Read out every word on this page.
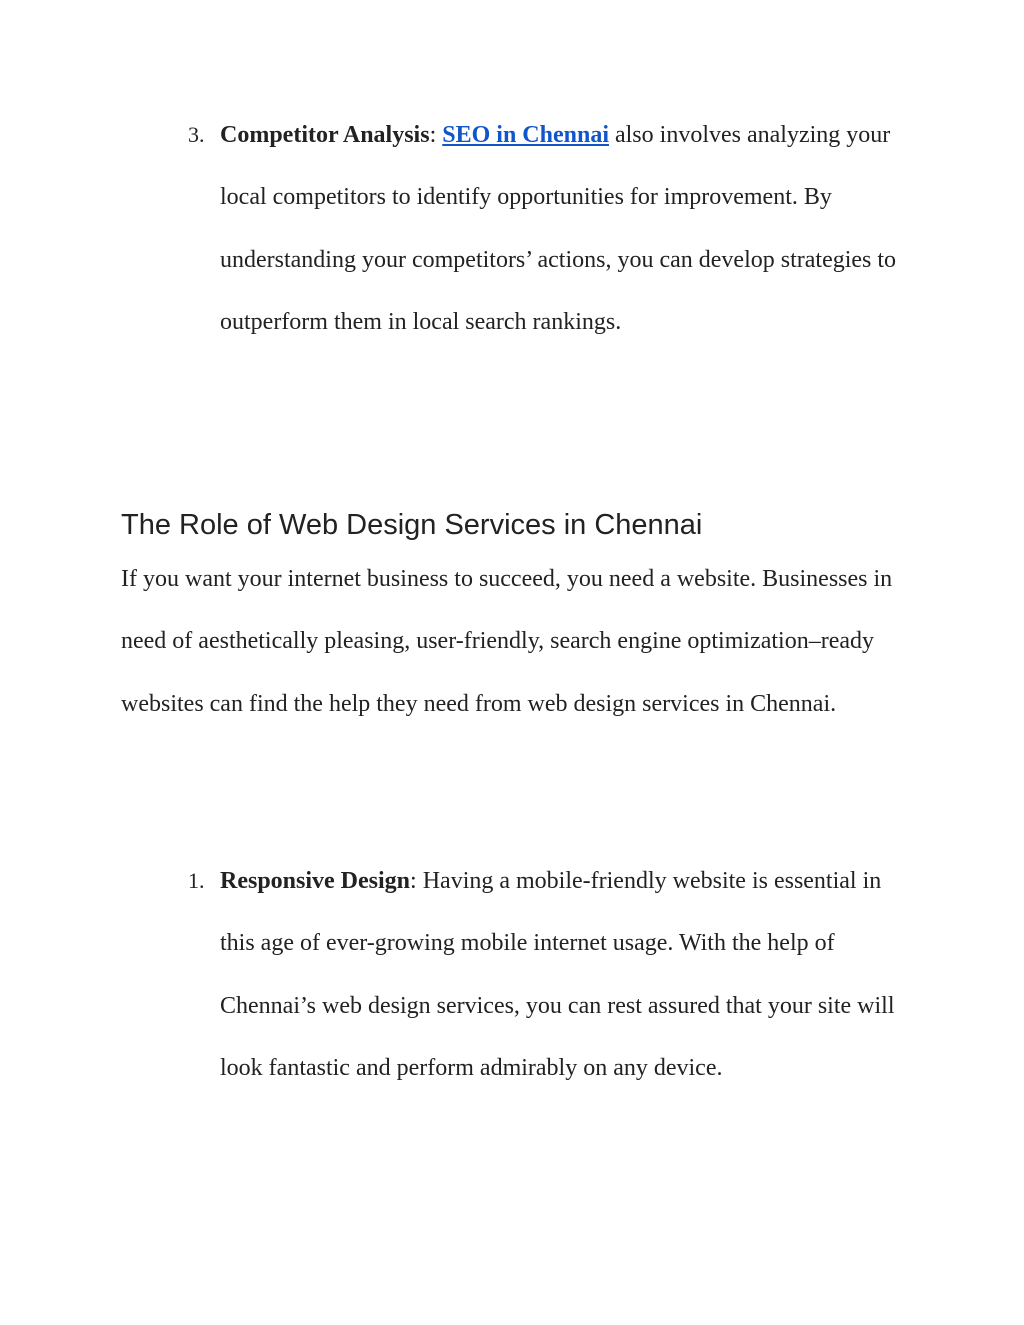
3. Competitor Analysis: SEO in Chennai also involves analyzing your local competitors to identify opportunities for improvement. By understanding your competitors’ actions, you can develop strategies to outperform them in local search rankings.
The Role of Web Design Services in Chennai

If you want your internet business to succeed, you need a website. Businesses in need of aesthetically pleasing, user-friendly, search engine optimization–ready websites can find the help they need from web design services in Chennai.

1. Responsive Design: Having a mobile-friendly website is essential in this age of ever-growing mobile internet usage. With the help of Chennai’s web design services, you can rest assured that your site will look fantastic and perform admirably on any device.
